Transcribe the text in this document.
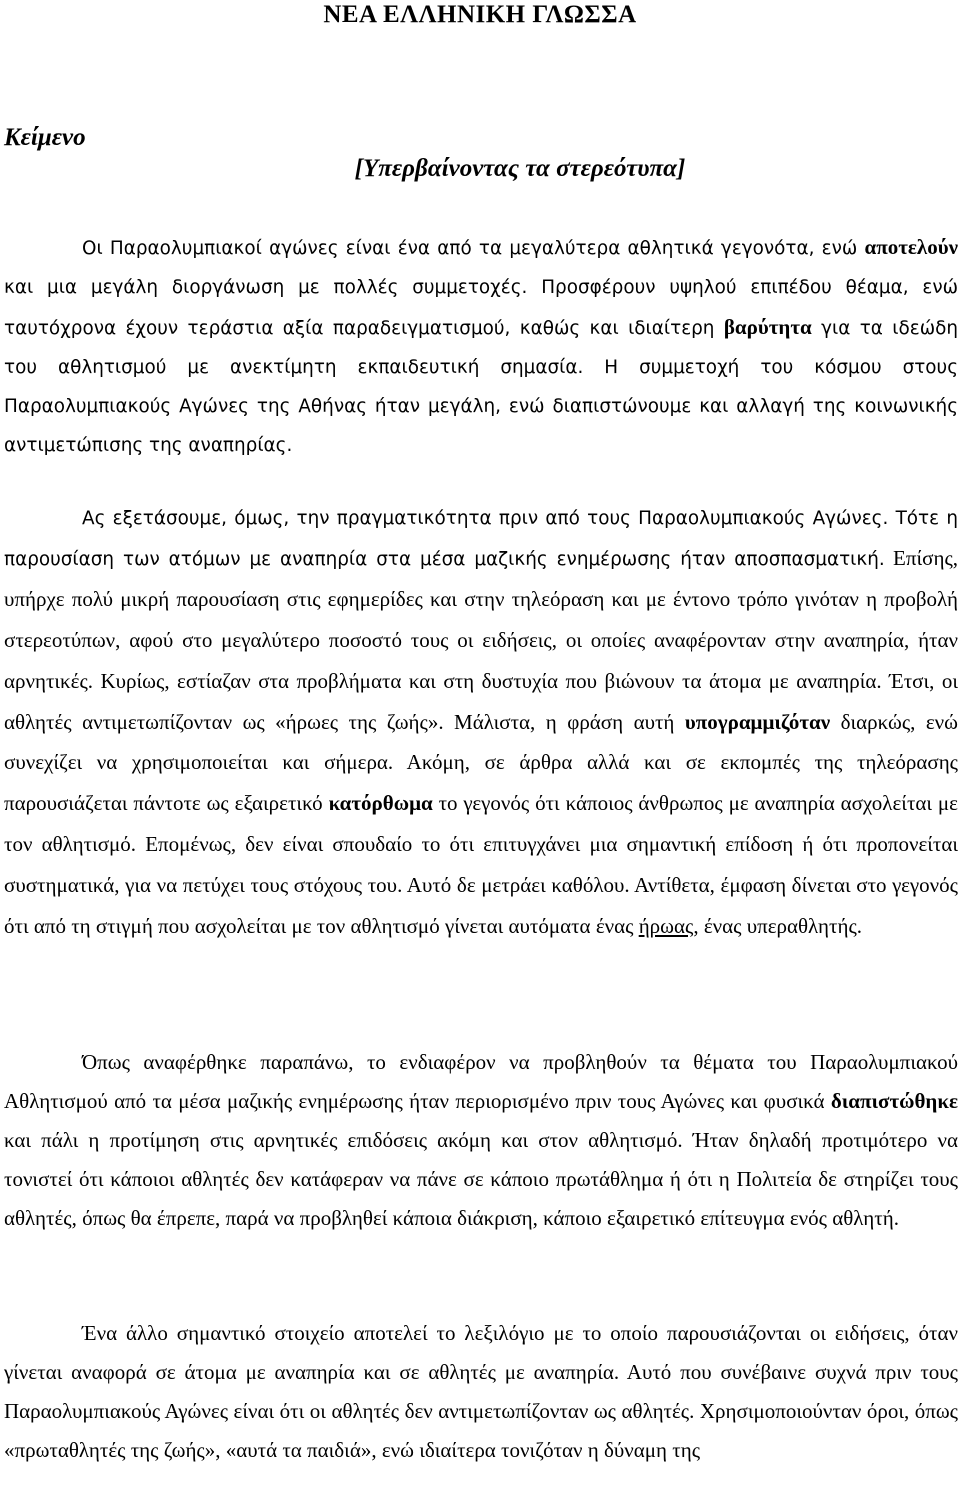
ΝΕΑ ΕΛΛΗΝΙΚΗ ΓΛΩΣΣΑ
Κείμενο
[Υπερβαίνοντας τα στερεότυπα]

Οι Παραολυμπιακοί αγώνες είναι ένα από τα μεγαλύτερα αθλητικά γεγονότα, ενώ αποτελούν και μια μεγάλη διοργάνωση με πολλές συμμετοχές. Προσφέρουν υψηλού επιπέδου θέαμα, ενώ ταυτόχρονα έχουν τεράστια αξία παραδειγματισμού, καθώς και ιδιαίτερη βαρύτητα για τα ιδεώδη του αθλητισμού με ανεκτίμητη εκπαιδευτική σημασία. Η συμμετοχή του κόσμου στους Παραολυμπιακούς Αγώνες της Αθήνας ήταν μεγάλη, ενώ διαπιστώνουμε και αλλαγή της κοινωνικής αντιμετώπισης της αναπηρίας.

Ας εξετάσουμε, όμως, την πραγματικότητα πριν από τους Παραολυμπιακούς Αγώνες. Τότε η παρουσίαση των ατόμων με αναπηρία στα μέσα μαζικής ενημέρωσης ήταν αποσπασματική. Επίσης, υπήρχε πολύ μικρή παρουσίαση στις εφημερίδες και στην τηλεόραση και με έντονο τρόπο γινόταν η προβολή στερεοτύπων, αφού στο μεγαλύτερο ποσοστό τους οι ειδήσεις, οι οποίες αναφέρονταν στην αναπηρία, ήταν αρνητικές. Κυρίως, εστίαζαν στα προβλήματα και στη δυστυχία που βιώνουν τα άτομα με αναπηρία. Έτσι, οι αθλητές αντιμετωπίζονταν ως «ήρωες της ζωής». Μάλιστα, η φράση αυτή υπογραμμιζόταν διαρκώς, ενώ συνεχίζει να χρησιμοποιείται και σήμερα. Ακόμη, σε άρθρα αλλά και σε εκπομπές της τηλεόρασης παρουσιάζεται πάντοτε ως εξαιρετικό κατόρθωμα το γεγονός ότι κάποιος άνθρωπος με αναπηρία ασχολείται με τον αθλητισμό. Επομένως, δεν είναι σπουδαίο το ότι επιτυγχάνει μια σημαντική επίδοση ή ότι προπονείται συστηματικά, για να πετύχει τους στόχους του. Αυτό δε μετράει καθόλου. Αντίθετα, έμφαση δίνεται στο γεγονός ότι από τη στιγμή που ασχολείται με τον αθλητισμό γίνεται αυτόματα ένας ήρωας, ένας υπεραθλητής.

Όπως αναφέρθηκε παραπάνω, το ενδιαφέρον να προβληθούν τα θέματα του Παραολυμπιακού Αθλητισμού από τα μέσα μαζικής ενημέρωσης ήταν περιορισμένο πριν τους Αγώνες και φυσικά διαπιστώθηκε και πάλι η προτίμηση στις αρνητικές επιδόσεις ακόμη και στον αθλητισμό. Ήταν δηλαδή προτιμότερο να τονιστεί ότι κάποιοι αθλητές δεν κατάφεραν να πάνε σε κάποιο πρωτάθλημα ή ότι η Πολιτεία δε στηρίζει τους αθλητές, όπως θα έπρεπε, παρά να προβληθεί κάποια διάκριση, κάποιο εξαιρετικό επίτευγμα ενός αθλητή.

Ένα άλλο σημαντικό στοιχείο αποτελεί το λεξιλόγιο με το οποίο παρουσιάζονται οι ειδήσεις, όταν γίνεται αναφορά σε άτομα με αναπηρία και σε αθλητές με αναπηρία. Αυτό που συνέβαινε συχνά πριν τους Παραολυμπιακούς Αγώνες είναι ότι οι αθλητές δεν αντιμετωπίζονταν ως αθλητές. Χρησιμοποιούνταν όροι, όπως «πρωταθλητές της ζωής», «αυτά τα παιδιά», ενώ ιδιαίτερα τονιζόταν η δύναμη της
